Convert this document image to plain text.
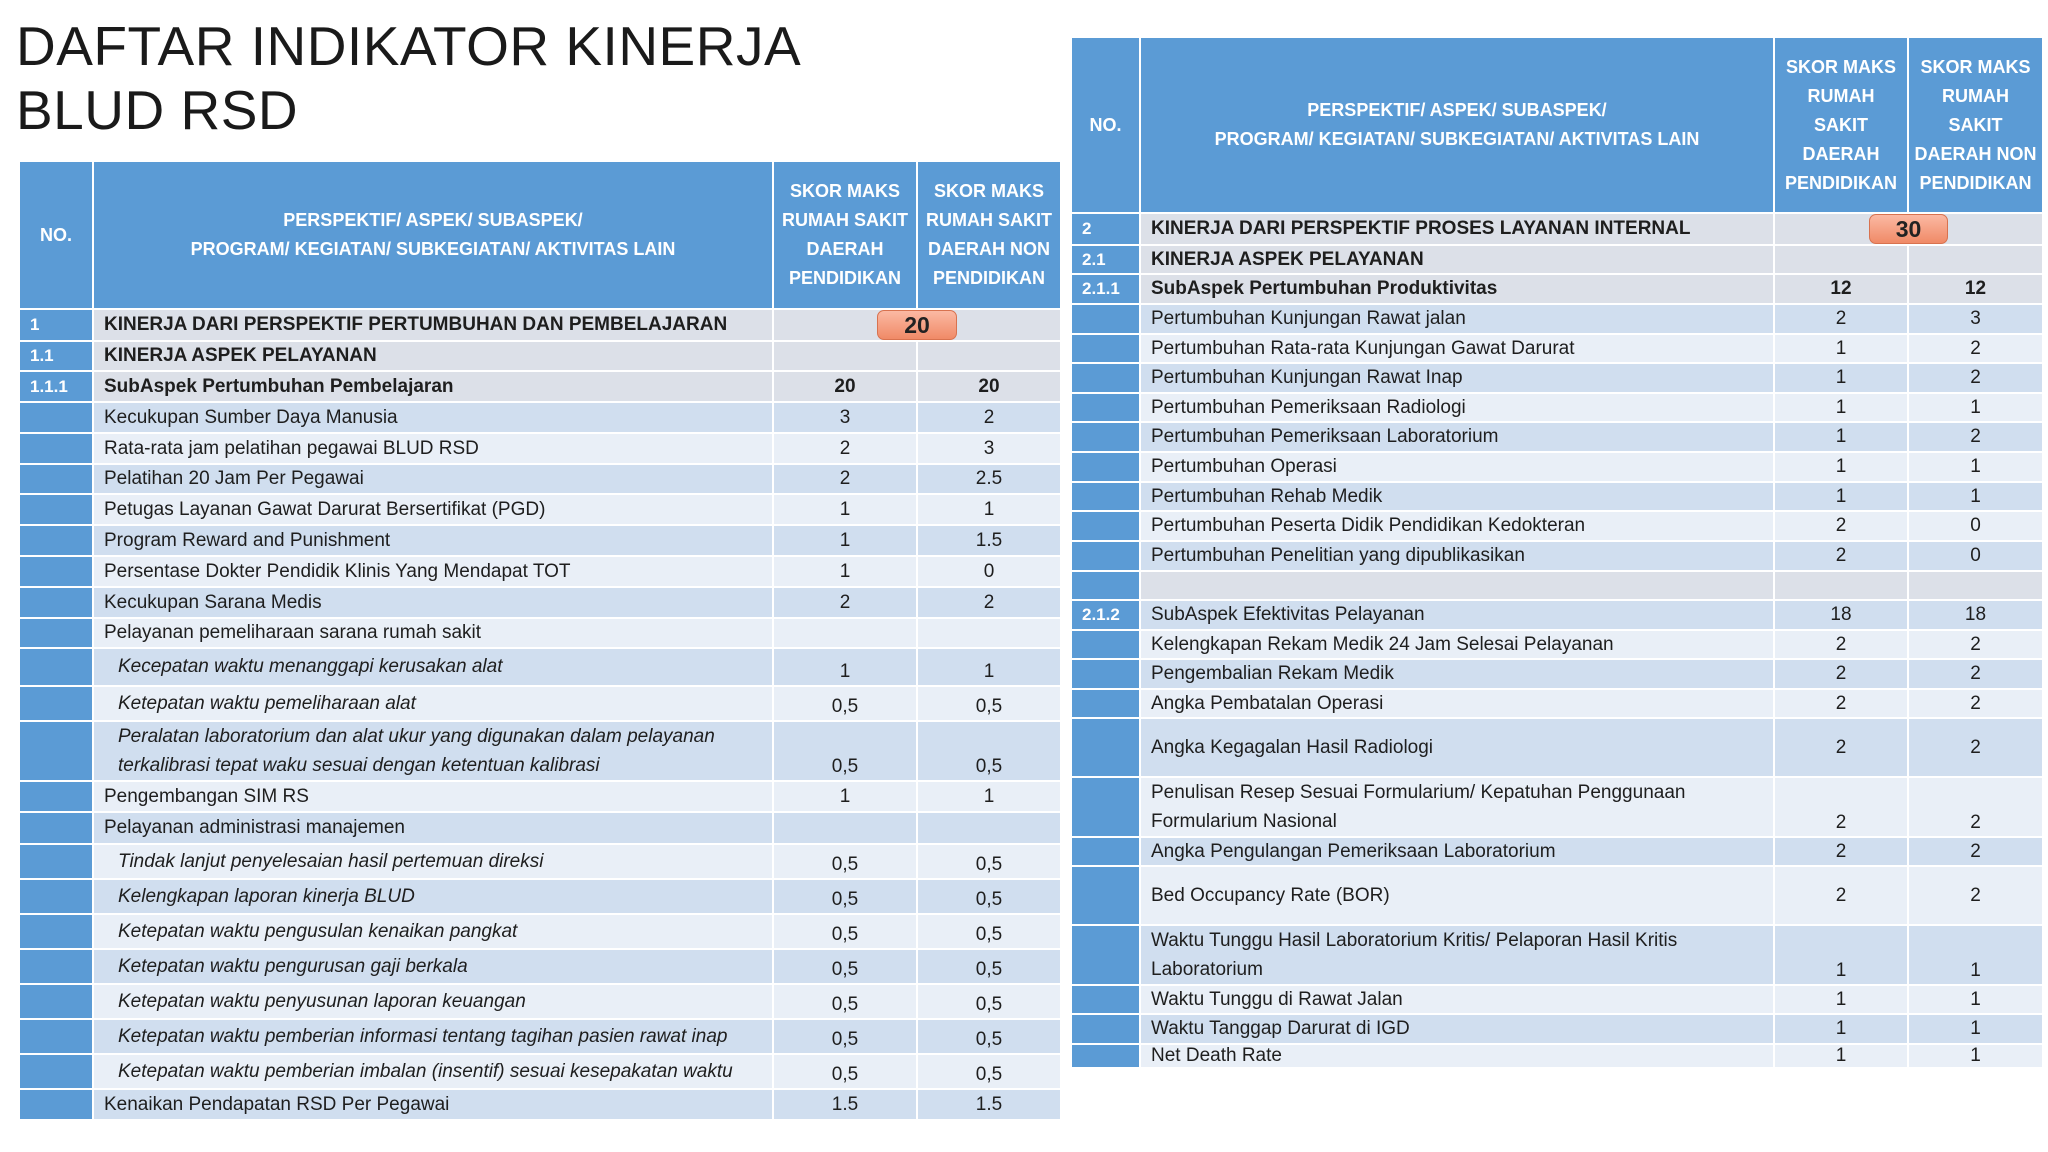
DAFTAR INDIKATOR KINERJA
BLUD RSD
NO.	PERSPEKTIF/ ASPEK/ SUBASPEK/
PROGRAM/ KEGIATAN/ SUBKEGIATAN/ AKTIVITAS LAIN	SKOR MAKS RUMAH SAKIT DAERAH PENDIDIKAN	SKOR MAKS RUMAH SAKIT DAERAH NON PENDIDIKAN
1	KINERJA DARI PERSPEKTIF PERTUMBUHAN DAN PEMBELAJARAN	20	
1.1	KINERJA ASPEK PELAYANAN		
1.1.1	SubAspek Pertumbuhan Pembelajaran	20	20
	Kecukupan Sumber Daya Manusia	3	2
	Rata-rata jam pelatihan pegawai BLUD RSD	2	3
	Pelatihan 20 Jam Per Pegawai	2	2.5
	Petugas Layanan Gawat Darurat Bersertifikat (PGD)	1	1
	Program Reward and Punishment	1	1.5
	Persentase Dokter Pendidik Klinis Yang Mendapat TOT	1	0
	Kecukupan Sarana Medis	2	2
	Pelayanan pemeliharaan sarana rumah sakit		
	Kecepatan waktu menanggapi kerusakan alat	1	1
	Ketepatan waktu pemeliharaan alat	0,5	0,5
	Peralatan laboratorium dan alat ukur yang digunakan dalam pelayanan terkalibrasi tepat waku sesuai dengan ketentuan kalibrasi	0,5	0,5
	Pengembangan SIM RS	1	1
	Pelayanan administrasi manajemen		
	Tindak lanjut penyelesaian hasil pertemuan direksi	0,5	0,5
	Kelengkapan laporan kinerja BLUD	0,5	0,5
	Ketepatan waktu pengusulan kenaikan pangkat	0,5	0,5
	Ketepatan waktu pengurusan gaji berkala	0,5	0,5
	Ketepatan waktu penyusunan laporan keuangan	0,5	0,5
	Ketepatan waktu pemberian informasi tentang tagihan pasien rawat inap	0,5	0,5
	Ketepatan waktu pemberian imbalan (insentif) sesuai kesepakatan waktu	0,5	0,5
	Kenaikan Pendapatan RSD Per Pegawai	1.5	1.5
NO.	PERSPEKTIF/ ASPEK/ SUBASPEK/
PROGRAM/ KEGIATAN/ SUBKEGIATAN/ AKTIVITAS LAIN	SKOR MAKS RUMAH SAKIT DAERAH PENDIDIKAN	SKOR MAKS RUMAH SAKIT DAERAH NON PENDIDIKAN
2	KINERJA DARI PERSPEKTIF PROSES LAYANAN INTERNAL	30	
2.1	KINERJA ASPEK PELAYANAN		
2.1.1	SubAspek Pertumbuhan Produktivitas	12	12
	Pertumbuhan Kunjungan Rawat jalan	2	3
	Pertumbuhan Rata-rata Kunjungan Gawat Darurat	1	2
	Pertumbuhan Kunjungan Rawat Inap	1	2
	Pertumbuhan Pemeriksaan Radiologi	1	1
	Pertumbuhan Pemeriksaan Laboratorium	1	2
	Pertumbuhan Operasi	1	1
	Pertumbuhan Rehab Medik	1	1
	Pertumbuhan Peserta Didik Pendidikan Kedokteran	2	0
	Pertumbuhan Penelitian yang dipublikasikan	2	0

2.1.2	SubAspek Efektivitas Pelayanan	18	18
	Kelengkapan Rekam Medik 24 Jam Selesai Pelayanan	2	2
	Pengembalian Rekam Medik	2	2
	Angka Pembatalan Operasi	2	2
	Angka Kegagalan Hasil Radiologi	2	2
	Penulisan Resep Sesuai Formularium/ Kepatuhan Penggunaan Formularium Nasional	2	2
	Angka Pengulangan Pemeriksaan Laboratorium	2	2
	Bed Occupancy Rate (BOR)	2	2
	Waktu Tunggu Hasil Laboratorium Kritis/ Pelaporan Hasil Kritis Laboratorium	1	1
	Waktu Tunggu di Rawat Jalan	1	1
	Waktu Tanggap Darurat di IGD	1	1
	Net Death Rate	1	1
